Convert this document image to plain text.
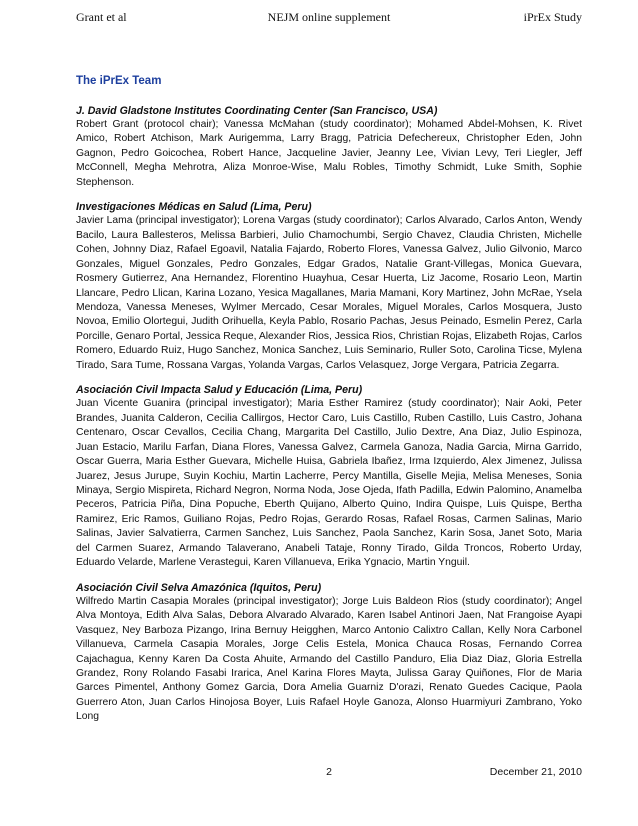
Grant et al	NEJM online supplement	iPrEx Study

The iPrEx Team

J. David Gladstone Institutes Coordinating Center (San Francisco, USA)

Robert Grant (protocol chair); Vanessa McMahan (study coordinator); Mohamed Abdel-Mohsen, K. Rivet Amico, Robert Atchison, Mark Aurigemma, Larry Bragg, Patricia Defechereux, Christopher Eden, John Gagnon, Pedro Goicochea, Robert Hance, Jacqueline Javier, Jeanny Lee, Vivian Levy, Teri Liegler, Jeff McConnell, Megha Mehrotra, Aliza Monroe-Wise, Malu Robles, Timothy Schmidt, Luke Smith, Sophie Stephenson.

Investigaciones Médicas en Salud (Lima, Peru)

Javier Lama (principal investigator); Lorena Vargas (study coordinator); Carlos Alvarado, Carlos Anton, Wendy Bacilo, Laura Ballesteros, Melissa Barbieri, Julio Chamochumbi, Sergio Chavez, Claudia Christen, Michelle Cohen, Johnny Diaz, Rafael Egoavil, Natalia Fajardo, Roberto Flores, Vanessa Galvez, Julio Gilvonio, Marco Gonzales, Miguel Gonzales, Pedro Gonzales, Edgar Grados, Natalie Grant-Villegas, Monica Guevara, Rosmery Gutierrez, Ana Hernandez, Florentino Huayhua, Cesar Huerta, Liz Jacome, Rosario Leon, Martin Llancare, Pedro Llican, Karina Lozano, Yesica Magallanes, Maria Mamani, Kory Martinez, John McRae, Ysela Mendoza, Vanessa Meneses, Wylmer Mercado, Cesar Morales, Miguel Morales, Carlos Mosquera, Justo Novoa, Emilio Olortegui, Judith Orihuella, Keyla Pablo, Rosario Pachas, Jesus Peinado, Esmelin Perez, Carla Porcille, Genaro Portal, Jessica Reque, Alexander Rios, Jessica Rios, Christian Rojas, Elizabeth Rojas, Carlos Romero, Eduardo Ruiz, Hugo Sanchez, Monica Sanchez, Luis Seminario, Ruller Soto, Carolina Ticse, Mylena Tirado, Sara Tume, Rossana Vargas, Yolanda Vargas, Carlos Velasquez, Jorge Vergara, Patricia Zegarra.

Asociación Civil Impacta Salud y Educación (Lima, Peru)

Juan Vicente Guanira (principal investigator); Maria Esther Ramirez (study coordinator); Nair Aoki, Peter Brandes, Juanita Calderon, Cecilia Callirgos, Hector Caro, Luis Castillo, Ruben Castillo, Luis Castro, Johana Centenaro, Oscar Cevallos, Cecilia Chang, Margarita Del Castillo, Julio Dextre, Ana Diaz, Julio Espinoza, Juan Estacio, Marilu Farfan, Diana Flores, Vanessa Galvez, Carmela Ganoza, Nadia Garcia, Mirna Garrido, Oscar Guerra, Maria Esther Guevara, Michelle Huisa, Gabriela Ibañez, Irma Izquierdo, Alex Jimenez, Julissa Juarez, Jesus Jurupe, Suyin Kochiu, Martin Lacherre, Percy Mantilla, Giselle Mejia, Melisa Meneses, Sonia Minaya, Sergio Mispireta, Richard Negron, Norma Noda, Jose Ojeda, Ifath Padilla, Edwin Palomino, Anamelba Peceros, Patricia Piña, Dina Popuche, Eberth Quijano, Alberto Quino, Indira Quispe, Luis Quispe, Bertha Ramirez, Eric Ramos, Guiliano Rojas, Pedro Rojas, Gerardo Rosas, Rafael Rosas, Carmen Salinas, Mario Salinas, Javier Salvatierra, Carmen Sanchez, Luis Sanchez, Paola Sanchez, Karin Sosa, Janet Soto, Maria del Carmen Suarez, Armando Talaverano, Anabeli Tataje, Ronny Tirado, Gilda Troncos, Roberto Urday, Eduardo Velarde, Marlene Verastegui, Karen Villanueva, Erika Ygnacio, Martin Ynguil.

Asociación Civil Selva Amazónica (Iquitos, Peru)

Wilfredo Martin Casapia Morales (principal investigator); Jorge Luis Baldeon Rios (study coordinator); Angel Alva Montoya, Edith Alva Salas, Debora Alvarado Alvarado, Karen Isabel Antinori Jaen, Nat Frangoise Ayapi Vasquez, Ney Barboza Pizango, Irina Bernuy Heigghen, Marco Antonio Calixtro Callan, Kelly Nora Carbonel Villanueva, Carmela Casapia Morales, Jorge Celis Estela, Monica Chauca Rosas, Fernando Correa Cajachagua, Kenny Karen Da Costa Ahuite, Armando del Castillo Panduro, Elia Diaz Diaz, Gloria Estrella Grandez, Rony Rolando Fasabi Irarica, Anel Karina Flores Mayta, Julissa Garay Quiñones, Flor de Maria Garces Pimentel, Anthony Gomez Garcia, Dora Amelia Guarniz D'orazi, Renato Guedes Cacique, Paola Guerrero Aton, Juan Carlos Hinojosa Boyer, Luis Rafael Hoyle Ganoza, Alonso Huarmiyuri Zambrano, Yoko Long

2	December 21, 2010
